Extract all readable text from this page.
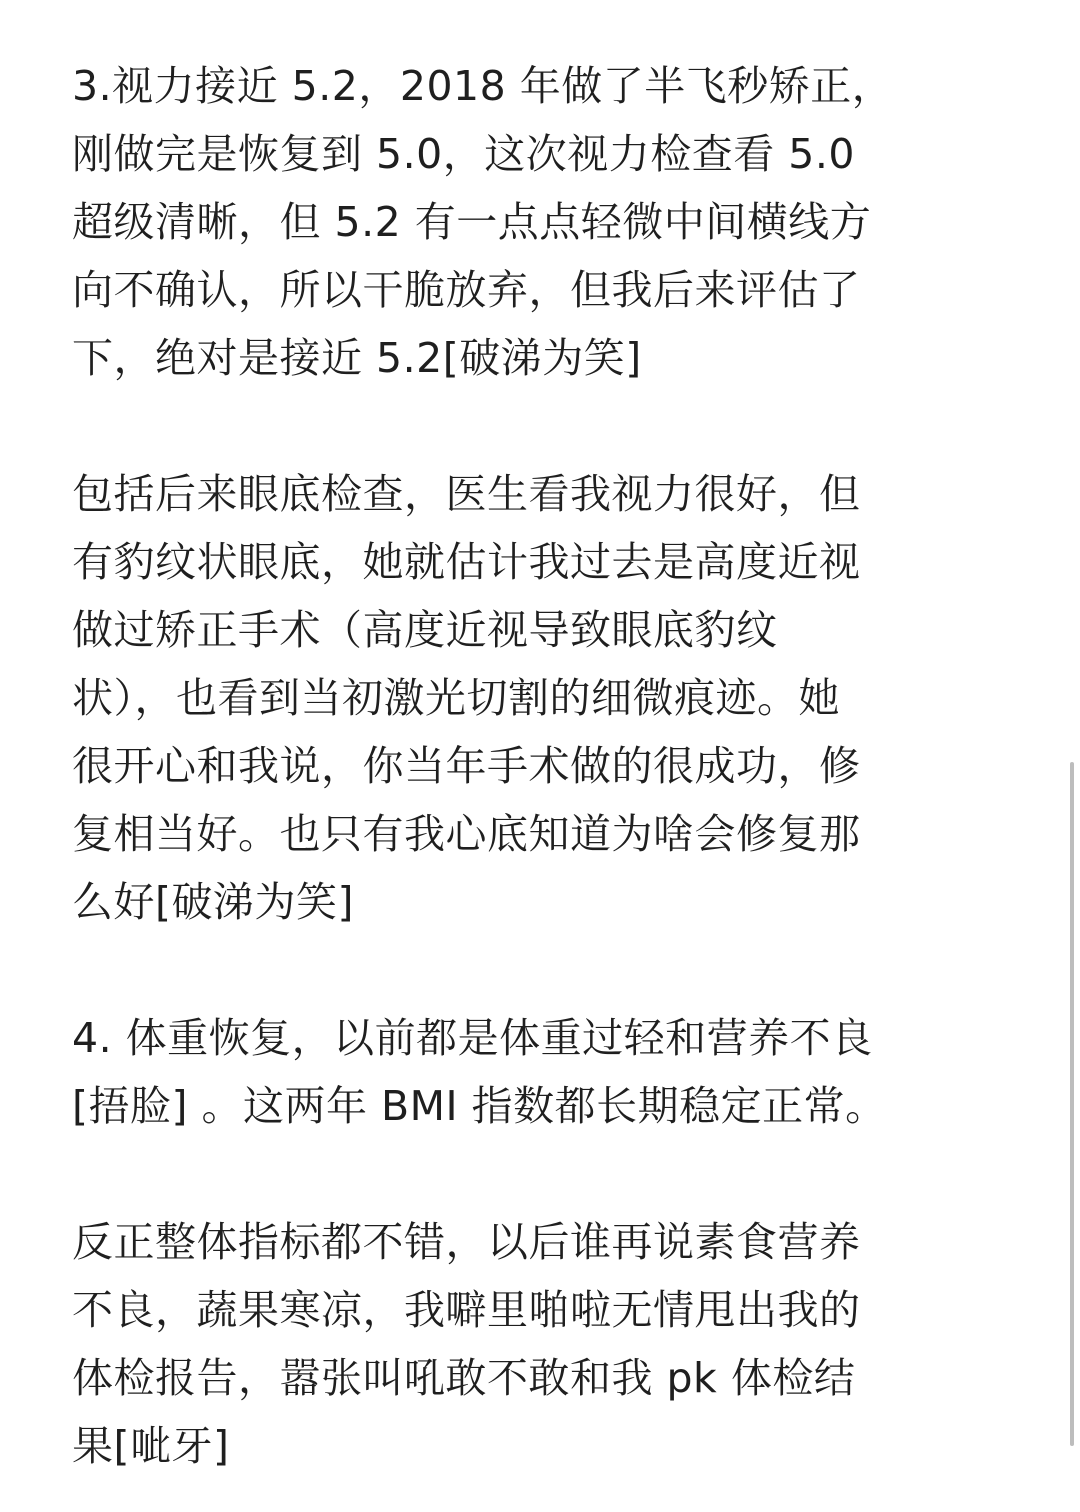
3.视力接近 5.2，2018 年做了半飞秒矫正，
刚做完是恢复到 5.0，这次视力检查看 5.0
超级清晰，但 5.2 有一点点轻微中间横线方
向不确认，所以干脆放弃，但我后来评估了
下，绝对是接近 5.2[破涕为笑]
包括后来眼底检查，医生看我视力很好，但
有豹纹状眼底，她就估计我过去是高度近视
做过矫正手术（高度近视导致眼底豹纹
状），也看到当初激光切割的细微痕迹。她
很开心和我说，你当年手术做的很成功，修
复相当好。也只有我心底知道为啥会修复那
么好[破涕为笑]
4. 体重恢复，以前都是体重过轻和营养不良
[捂脸] 。这两年 BMI 指数都长期稳定正常。
反正整体指标都不错，以后谁再说素食营养
不良，蔬果寒凉，我噼里啪啦无情甩出我的
体检报告，嚣张叫吼敢不敢和我 pk 体检结
果[呲牙]
